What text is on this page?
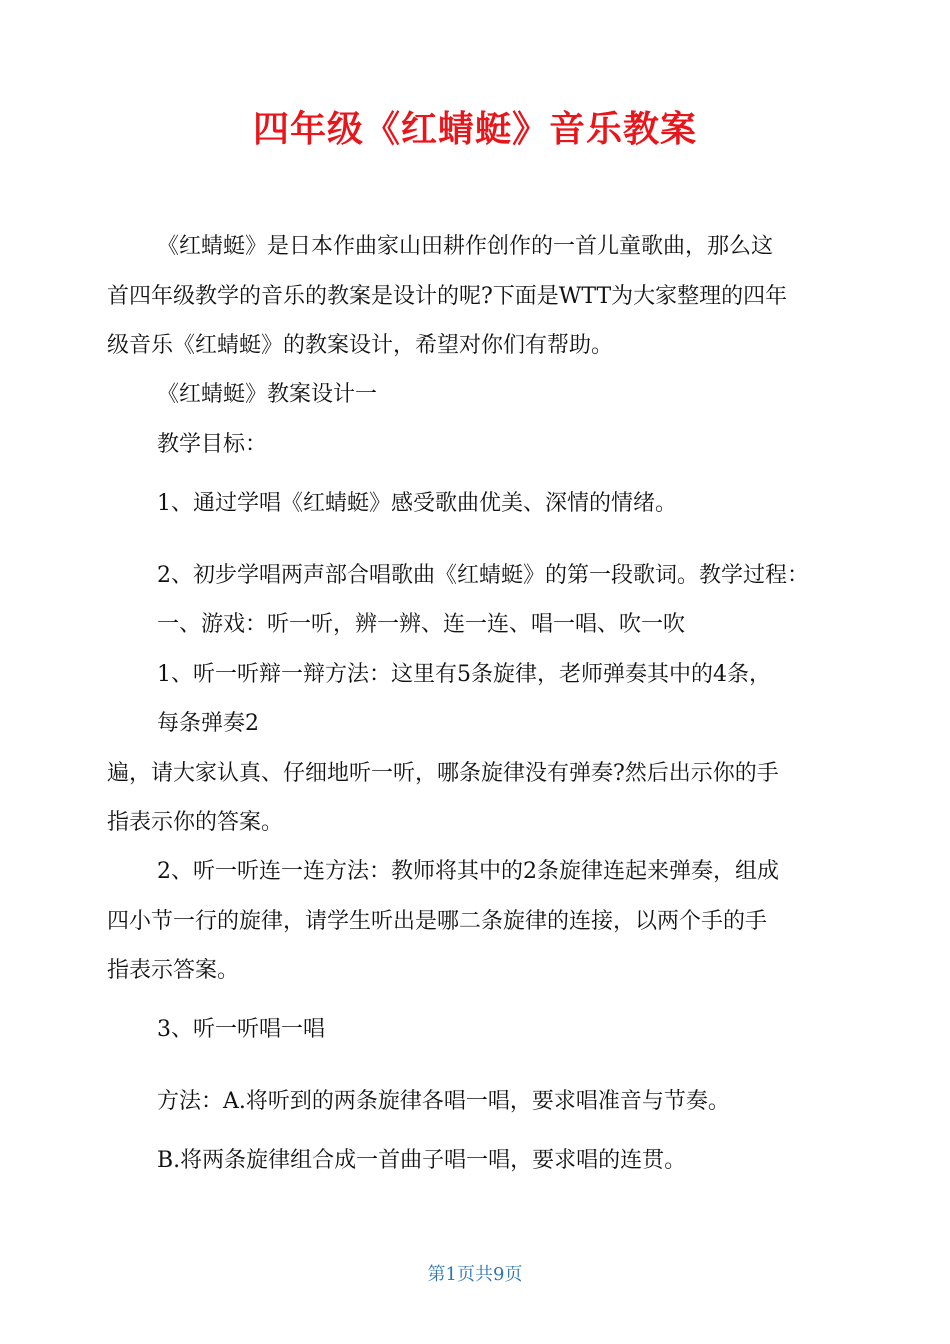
四年级《红蜻蜓》音乐教案

《红蜻蜓》是日本作曲家山田耕作创作的一首儿童歌曲，那么这

首四年级教学的音乐的教案是设计的呢?下面是WTT为大家整理的四年

级音乐《红蜻蜓》的教案设计，希望对你们有帮助。

《红蜻蜓》教案设计一

教学目标：

1、通过学唱《红蜻蜓》感受歌曲优美、深情的情绪。

2、初步学唱两声部合唱歌曲《红蜻蜓》的第一段歌词。教学过程：

一、游戏：听一听，辨一辨、连一连、唱一唱、吹一吹

1、听一听辩一辩方法：这里有5条旋律，老师弹奏其中的4条，

每条弹奏2

遍，请大家认真、仔细地听一听，哪条旋律没有弹奏?然后出示你的手

指表示你的答案。

2、听一听连一连方法：教师将其中的2条旋律连起来弹奏，组成

四小节一行的旋律，请学生听出是哪二条旋律的连接，以两个手的手

指表示答案。

3、听一听唱一唱

方法：A.将听到的两条旋律各唱一唱，要求唱准音与节奏。

B.将两条旋律组合成一首曲子唱一唱，要求唱的连贯。

第1页共9页
